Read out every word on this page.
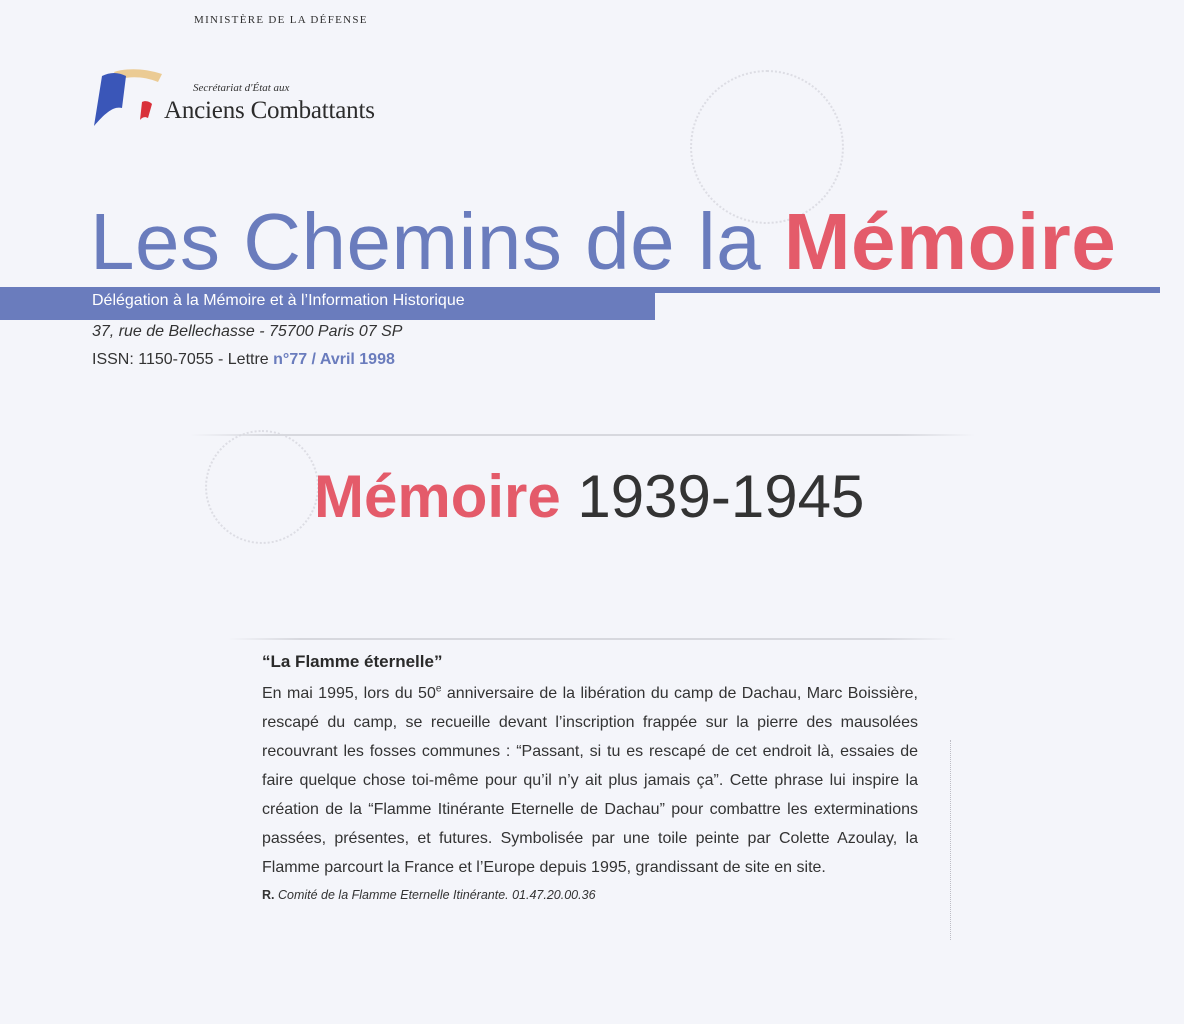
MINISTÈRE DE LA DÉFENSE
Secrétariat d'État aux
Anciens Combattants
Les Chemins de la Mémoire
Délégation à la Mémoire et à l’Information Historique
37, rue de Bellechasse - 75700 Paris 07 SP
ISSN: 1150-7055 - Lettre n°77 / Avril 1998
Mémoire 1939-1945

“La Flamme éternelle”

En mai 1995, lors du 50e anniversaire de la libération du camp de Dachau, Marc Boissière, rescapé du camp, se recueille devant l’inscription frappée sur la pierre des mausolées recouvrant les fosses communes : “Passant, si tu es rescapé de cet endroit là, essaies de faire quelque chose toi-même pour qu’il n’y ait plus jamais ça”. Cette phrase lui inspire la création de la “Flamme Itinérante Eternelle de Dachau” pour combattre les exterminations passées, présentes, et futures. Symbolisée par une toile peinte par Colette Azoulay, la Flamme parcourt la France et l’Europe depuis 1995, grandissant de site en site.

R. Comité de la Flamme Eternelle Itinérante. 01.47.20.00.36
